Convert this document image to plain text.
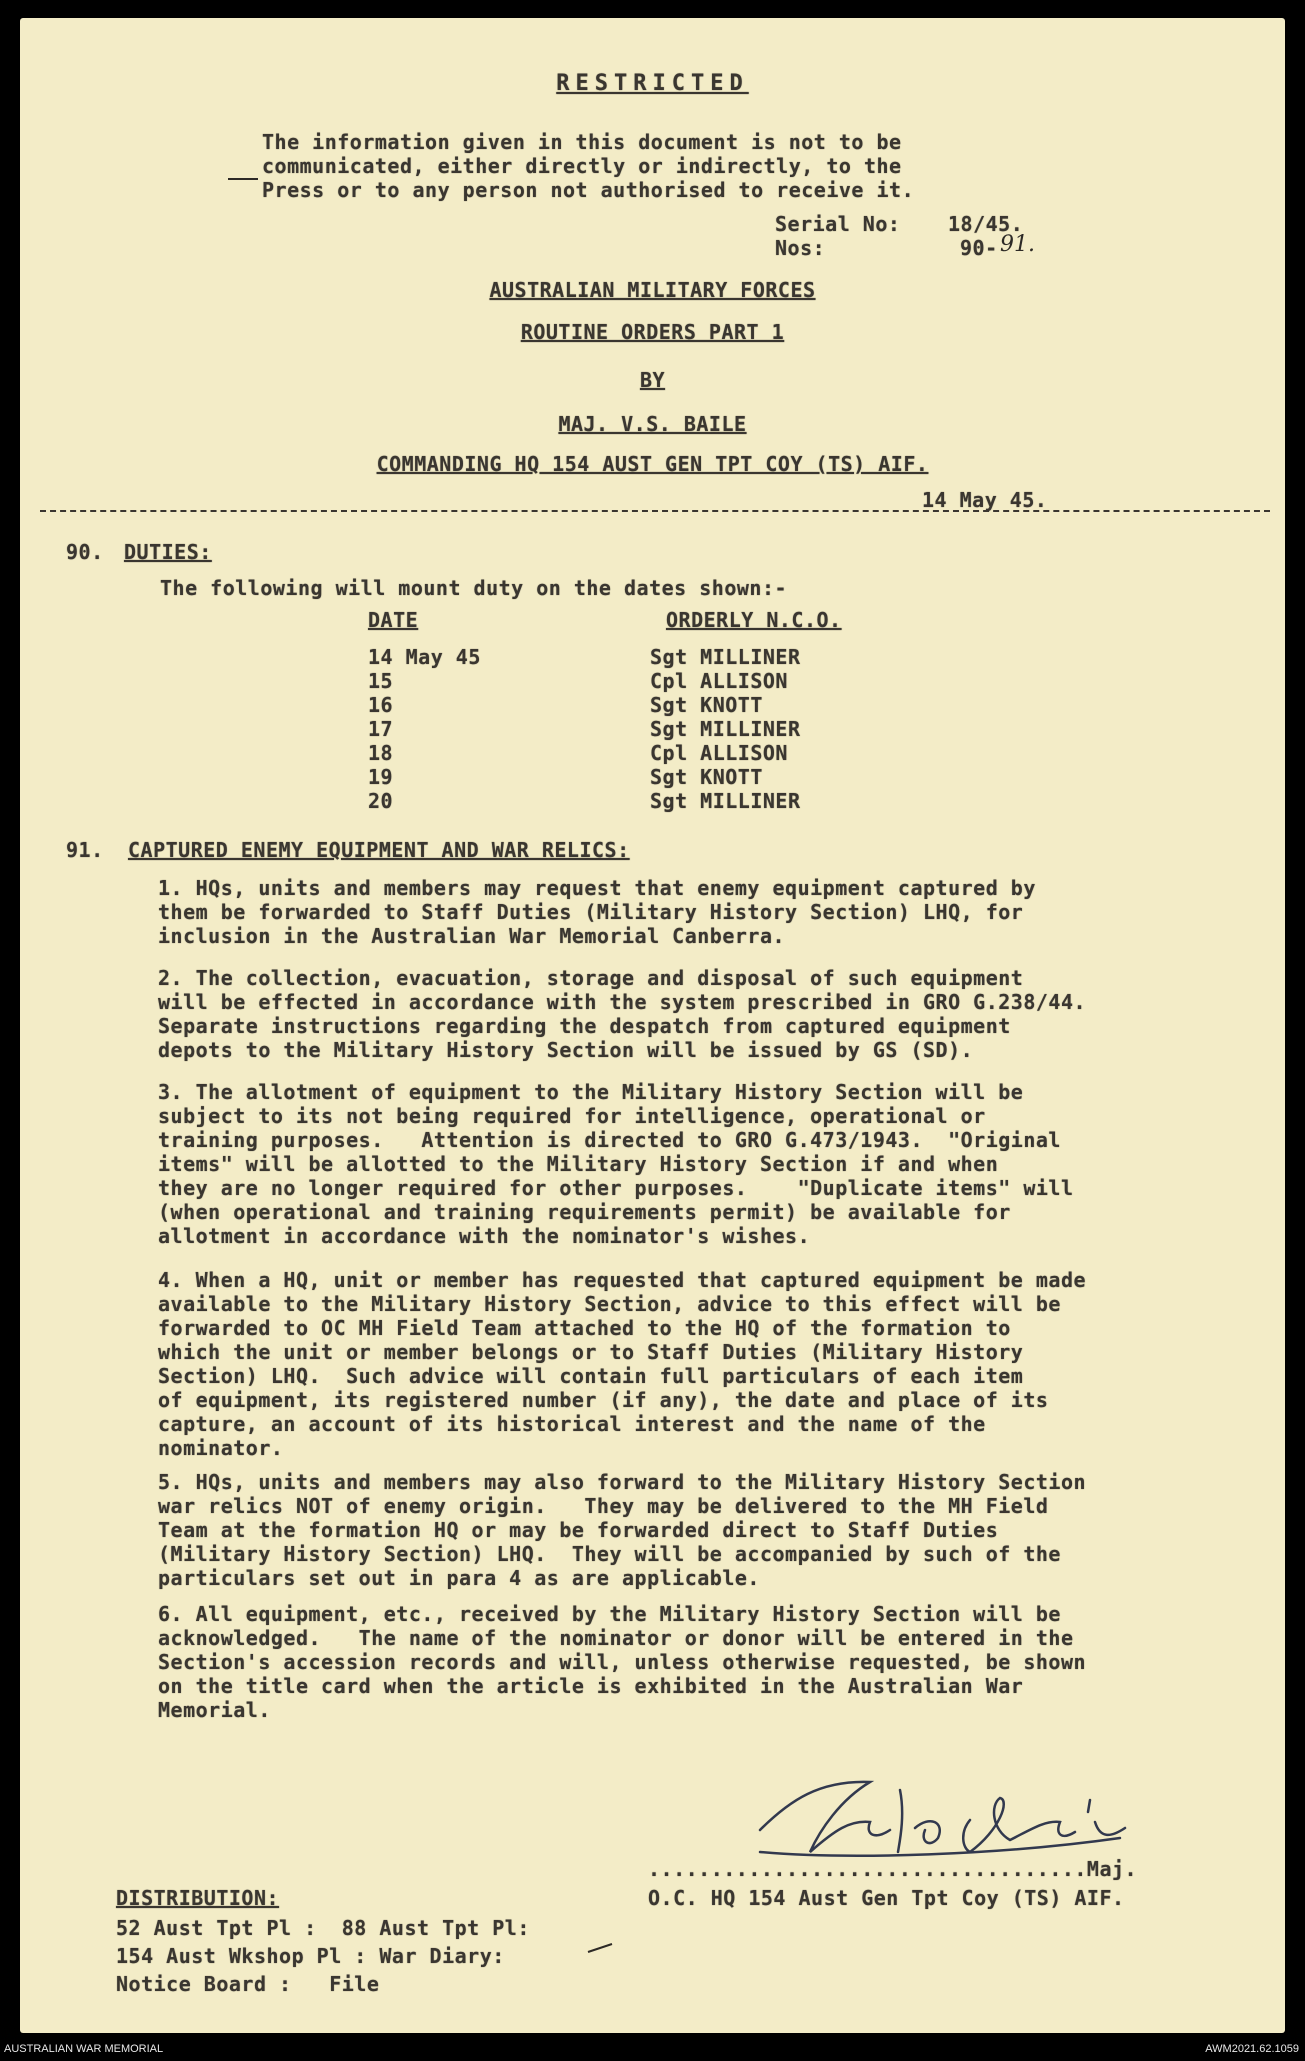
RESTRICTED
The information given in this document is not to be
communicated, either directly or indirectly, to the
Press or to any person not authorised to receive it.
Serial No: 18/45.
Nos:	90- 91.
AUSTRALIAN MILITARY FORCES
ROUTINE ORDERS PART 1
BY
MAJ. V.S. BAILE
COMMANDING HQ 154 AUST GEN TPT COY (TS) AIF.
14 May 45.
90. DUTIES:
The following will mount duty on the dates shown:-
DATE	ORDERLY N.C.O.
14 May 45	Sgt MILLINER
15	Cpl ALLISON
16	Sgt KNOTT
17	Sgt MILLINER
18	Cpl ALLISON
19	Sgt KNOTT
20	Sgt MILLINER
91. CAPTURED ENEMY EQUIPMENT AND WAR RELICS:
1. HQs, units and members may request that enemy equipment captured by
them be forwarded to Staff Duties (Military History Section) LHQ, for
inclusion in the Australian War Memorial Canberra.
2. The collection, evacuation, storage and disposal of such equipment
will be effected in accordance with the system prescribed in GRO G.238/44.
Separate instructions regarding the despatch from captured equipment
depots to the Military History Section will be issued by GS (SD).
3. The allotment of equipment to the Military History Section will be
subject to its not being required for intelligence, operational or
training purposes.   Attention is directed to GRO G.473/1943.  "Original
items" will be allotted to the Military History Section if and when
they are no longer required for other purposes.    "Duplicate items" will
(when operational and training requirements permit) be available for
allotment in accordance with the nominator's wishes.
4. When a HQ, unit or member has requested that captured equipment be made
available to the Military History Section, advice to this effect will be
forwarded to OC MH Field Team attached to the HQ of the formation to
which the unit or member belongs or to Staff Duties (Military History
Section) LHQ.  Such advice will contain full particulars of each item
of equipment, its registered number (if any), the date and place of its
capture, an account of its historical interest and the name of the
nominator.
5. HQs, units and members may also forward to the Military History Section
war relics NOT of enemy origin.   They may be delivered to the MH Field
Team at the formation HQ or may be forwarded direct to Staff Duties
(Military History Section) LHQ.  They will be accompanied by such of the
particulars set out in para 4 as are applicable.
6. All equipment, etc., received by the Military History Section will be
acknowledged.   The name of the nominator or donor will be entered in the
Section's accession records and will, unless otherwise requested, be shown
on the title card when the article is exhibited in the Australian War
Memorial.
...................................Maj.
O.C. HQ 154 Aust Gen Tpt Coy (TS) AIF.
DISTRIBUTION:
52 Aust Tpt Pl :  88 Aust Tpt Pl:
154 Aust Wkshop Pl : War Diary:
Notice Board :   File
AUSTRALIAN WAR MEMORIAL	AWM2021.62.1059
